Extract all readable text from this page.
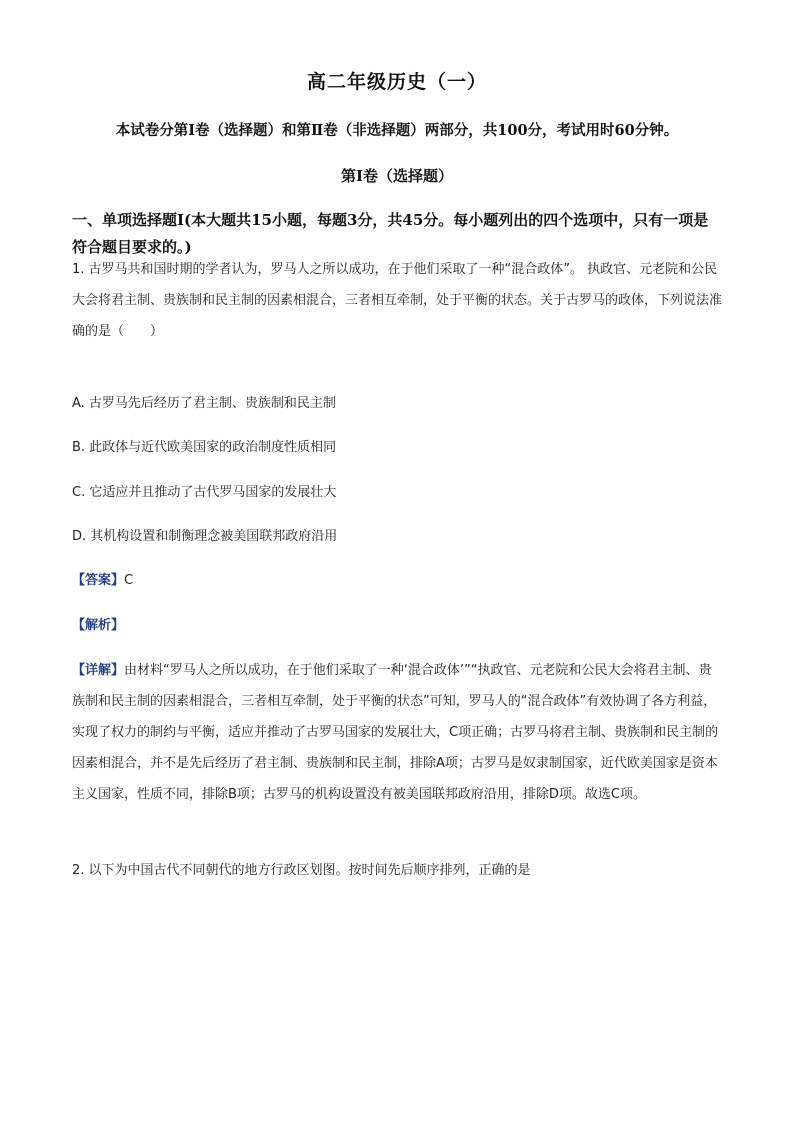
高二年级历史（一）
本试卷分第Ⅰ卷（选择题）和第Ⅱ卷（非选择题）两部分，共100分，考试用时60分钟。
第Ⅰ卷（选择题）
一、单项选择题Ⅰ(本大题共15小题，每题3分，共45分。每小题列出的四个选项中，只有一项是符合题目要求的。)
1. 古罗马共和国时期的学者认为，罗马人之所以成功，在于他们采取了一种“混合政体”。 执政官、元老院和公民大会将君主制、贵族制和民主制的因素相混合，三者相互牵制，处于平衡的状态。关于古罗马的政体，下列说法准确的是（　　）
A. 古罗马先后经历了君主制、贵族制和民主制
B. 此政体与近代欧美国家的政治制度性质相同
C. 它适应并且推动了古代罗马国家的发展壮大
D. 其机构设置和制衡理念被美国联邦政府沿用
【答案】C
【解析】
【详解】由材料“罗马人之所以成功，在于他们采取了一种‘混合政体’”“执政官、元老院和公民大会将君主制、贵族制和民主制的因素相混合，三者相互牵制，处于平衡的状态”可知，罗马人的“混合政体”有效协调了各方利益，实现了权力的制约与平衡，适应并推动了古罗马国家的发展壮大，C项正确；古罗马将君主制、贵族制和民主制的因素相混合，并不是先后经历了君主制、贵族制和民主制，排除A项；古罗马是奴隶制国家，近代欧美国家是资本主义国家，性质不同，排除B项；古罗马的机构设置没有被美国联邦政府沿用，排除D项。故选C项。
2. 以下为中国古代不同朝代的地方行政区划图。按时间先后顺序排列，正确的是
